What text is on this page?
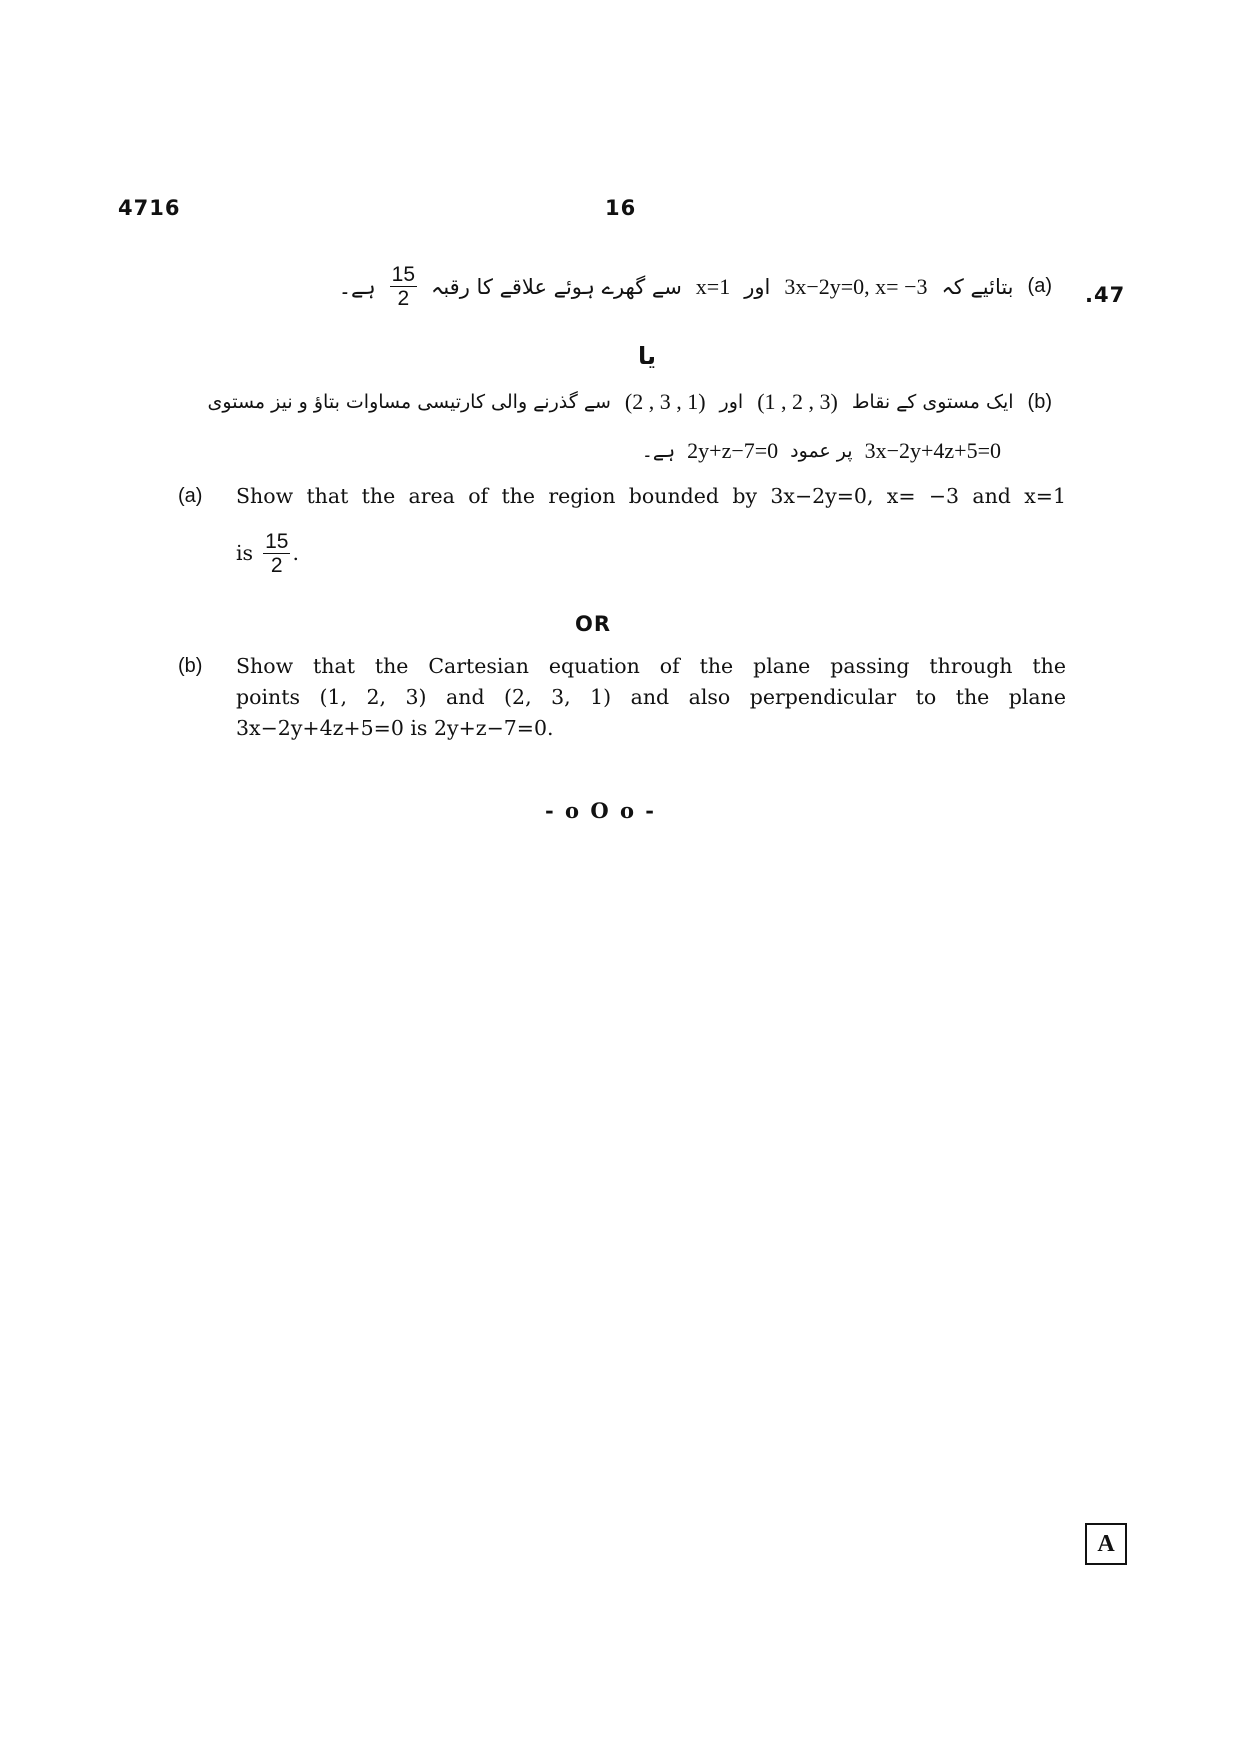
4716	16
.47
(a)
بتائیے کہ
3x−2y=0, x= −3
اور
x=1
سے گھرے ہوئے علاقے کا رقبہ
$\frac{15}{2}$
ہے۔
یا
(b)
ایک مستوی کے نقاط
(1 , 2 , 3)
اور
(2 , 3 , 1)
سے گذرنے والی کارتیسی مساوات بتاؤ و نیز مستوی
3x−2y+4z+5=0
پر عمود
2y+z−7=0
ہے۔
(a) Show that the area of the region bounded by 3x−2y=0, x= −3 and x=1
is $\frac{15}{2}$ .
OR
(b) Show that the Cartesian equation of the plane passing through the
points (1, 2, 3) and (2, 3, 1) and also perpendicular to the plane
3x−2y+4z+5=0 is 2y+z−7=0.
- o O o -
A
